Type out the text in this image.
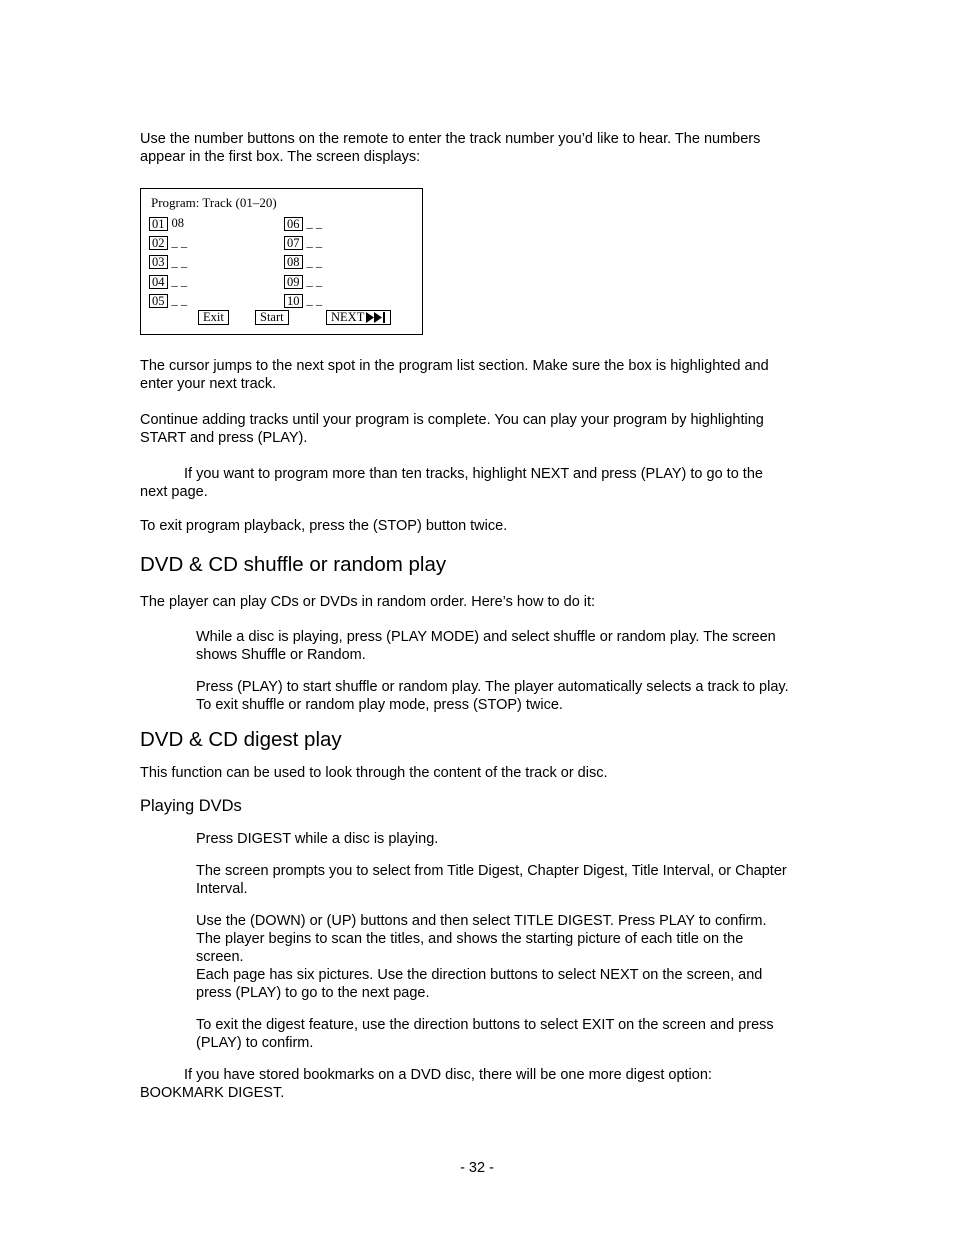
Use the number buttons on the remote to enter the track number you’d like to hear. The numbers appear in the first box. The screen displays:

Program: Track (01–20)
01 08
02 _ _
03 _ _
04 _ _
05 _ _
06 _ _
07 _ _
08 _ _
09 _ _
10 _ _
Exit	Start	NEXT

The cursor jumps to the next spot in the program list section. Make sure the box is highlighted and enter your next track.

Continue adding tracks until your program is complete. You can play your program by highlighting START and press (PLAY).

If you want to program more than ten tracks, highlight NEXT and press (PLAY) to go to the next page.

To exit program playback, press the (STOP) button twice.

DVD & CD shuffle or random play

The player can play CDs or DVDs in random order. Here’s how to do it:

While a disc is playing, press (PLAY MODE) and select shuffle or random play. The screen shows Shuffle or Random.

Press (PLAY) to start shuffle or random play. The player automatically selects a track to play. To exit shuffle or random play mode, press (STOP) twice.

DVD & CD digest play

This function can be used to look through the content of the track or disc.

Playing DVDs

Press DIGEST while a disc is playing.

The screen prompts you to select from Title Digest, Chapter Digest, Title Interval, or Chapter Interval.

Use the (DOWN) or (UP) buttons and then select TITLE DIGEST. Press PLAY to confirm. The player begins to scan the titles, and shows the starting picture of each title on the screen.

Each page has six pictures. Use the direction buttons to select NEXT on the screen, and press (PLAY) to go to the next page.

To exit the digest feature, use the direction buttons to select EXIT on the screen and press (PLAY) to confirm.

If you have stored bookmarks on a DVD disc, there will be one more digest option: BOOKMARK DIGEST.

- 32 -
